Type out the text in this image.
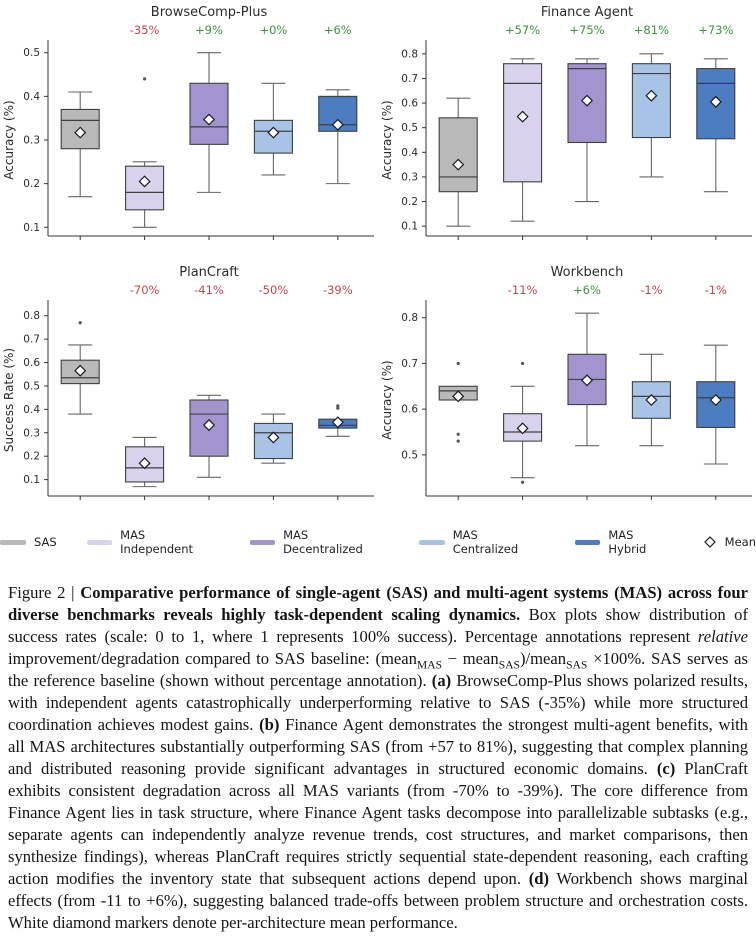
0.1
0.2
0.3
0.4
0.5
BrowseComp-Plus
Accuracy (%)
-35%	+9%	+0%	+6%
0.1
0.2
0.3
0.4
0.5
0.6
0.7
0.8
Finance Agent
Accuracy (%)
+57%	+75%	+81%	+73%
0.1
0.2
0.3
0.4
0.5
0.6
0.7
0.8
PlanCraft
Success Rate (%)
-70%	-41%	-50%	-39%
0.5
0.6
0.7
0.8
Workbench
Accuracy (%)
-11%	+6%	-1%	-1%
SAS	MAS Independent
MAS Decentralized
MAS Centralized
MAS Hybrid	Mean

Figure 2 | Comparative performance of single-agent (SAS) and multi-agent systems (MAS) across four diverse benchmarks reveals highly task-dependent scaling dynamics. Box plots show distribution of success rates (scale: 0 to 1, where 1 represents 100% success). Percentage annotations represent relative improvement/degradation compared to SAS baseline: (mean$_{MAS}$ − mean$_{SAS}$)/mean$_{SAS}$ ×100%. SAS serves as the reference baseline (shown without percentage annotation). (a) BrowseComp-Plus shows polarized results, with independent agents catastrophically underperforming relative to SAS (-35%) while more structured coordination achieves modest gains. (b) Finance Agent demonstrates the strongest multi-agent benefits, with all MAS architectures substantially outperforming SAS (from +57 to 81%), suggesting that complex planning and distributed reasoning provide significant advantages in structured economic domains. (c) PlanCraft exhibits consistent degradation across all MAS variants (from -70% to -39%). The core difference from Finance Agent lies in task structure, where Finance Agent tasks decompose into parallelizable subtasks (e.g., separate agents can independently analyze revenue trends, cost structures, and market comparisons, then synthesize findings), whereas PlanCraft requires strictly sequential state-dependent reasoning, each crafting action modifies the inventory state that subsequent actions depend upon. (d) Workbench shows marginal effects (from -11 to +6%), suggesting balanced trade-offs between problem structure and orchestration costs. White diamond markers denote per-architecture mean performance.
